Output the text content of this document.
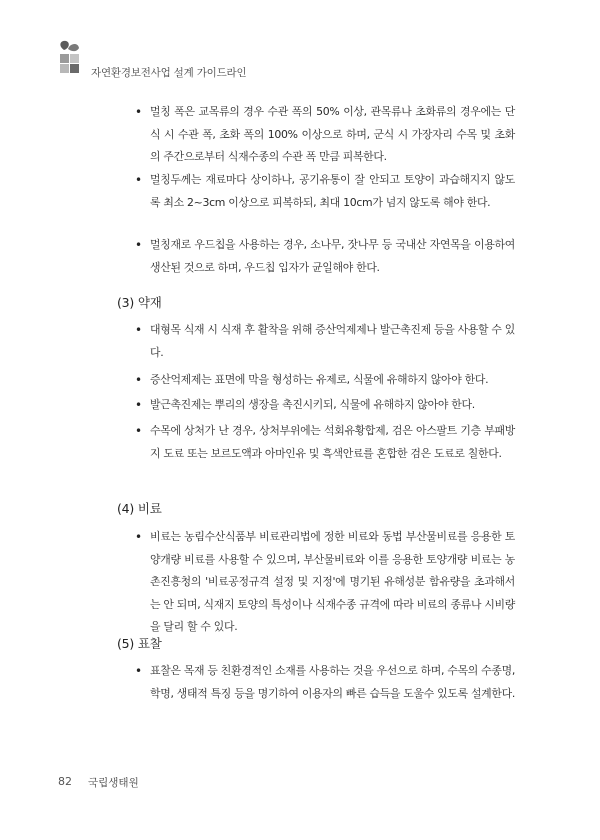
자연환경보전사업 설계 가이드라인
• 멀칭 폭은 교목류의 경우 수관 폭의 50% 이상, 관목류나 초화류의 경우에는 단식 시 수관 폭, 초화 폭의 100% 이상으로 하며, 군식 시 가장자리 수목 및 초화의 주간으로부터 식재수종의 수관 폭 만큼 피복한다.
• 멀칭두께는 재료마다 상이하나, 공기유통이 잘 안되고 토양이 과습해지지 않도록 최소 2~3cm 이상으로 피복하되, 최대 10cm가 넘지 않도록 해야 한다.
• 멀칭재로 우드칩을 사용하는 경우, 소나무, 잣나무 등 국내산 자연목을 이용하여 생산된 것으로 하며, 우드칩 입자가 균일해야 한다.
(3) 약재
• 대형목 식재 시 식재 후 활착을 위해 증산억제제나 발근촉진제 등을 사용할 수 있다.
• 증산억제제는 표면에 막을 형성하는 유제로, 식물에 유해하지 않아야 한다.
• 발근촉진제는 뿌리의 생장을 촉진시키되, 식물에 유해하지 않아야 한다.
• 수목에 상처가 난 경우, 상처부위에는 석회유황합제, 검은 아스팔트 기층 부패방지 도료 또는 보르도액과 아마인유 및 흑색안료를 혼합한 검은 도료로 칠한다.
(4) 비료
• 비료는 농림수산식품부 비료관리법에 정한 비료와 동법 부산물비료를 응용한 토양개량 비료를 사용할 수 있으며, 부산물비료와 이를 응용한 토양개량 비료는 농촌진흥청의 '비료공정규격 설정 및 지정'에 명기된 유해성분 함유량을 초과해서는 안 되며, 식재지 토양의 특성이나 식재수종 규격에 따라 비료의 종류나 시비량을 달리 할 수 있다.
(5) 표찰
• 표찰은 목재 등 친환경적인 소재를 사용하는 것을 우선으로 하며, 수목의 수종명, 학명, 생태적 특징 등을 명기하여 이용자의 빠른 습득을 도울수 있도록 설계한다.
82 국립생태원
